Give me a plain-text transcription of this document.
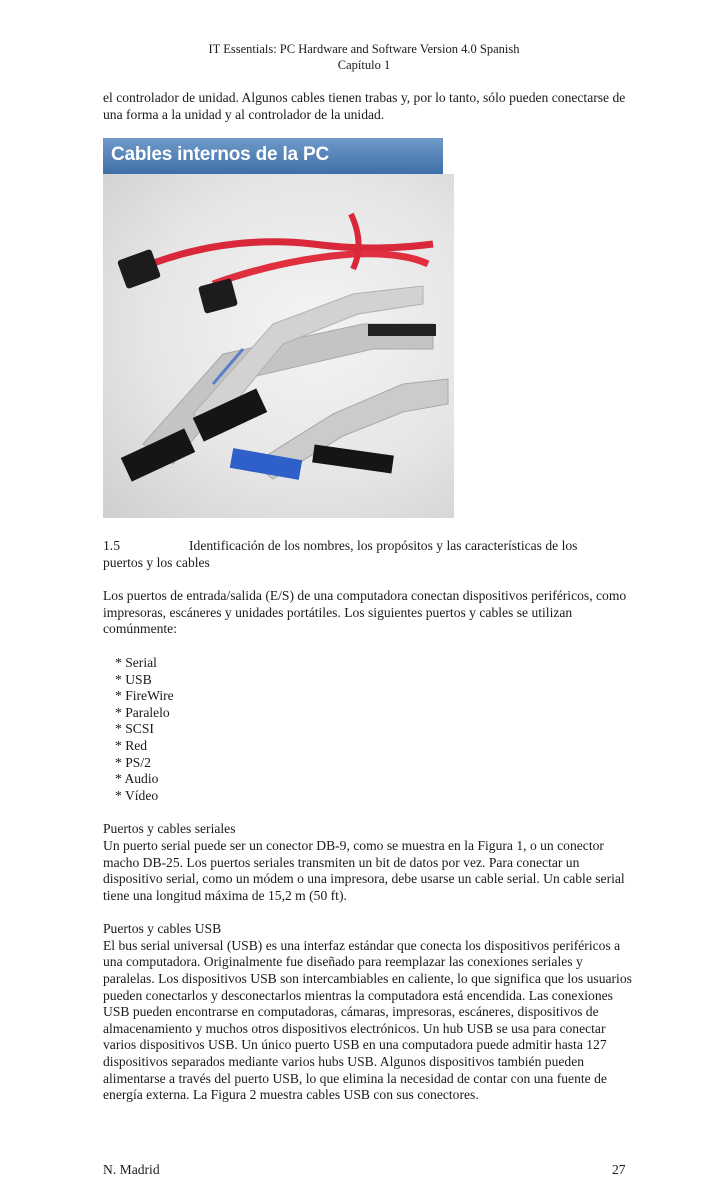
IT Essentials: PC Hardware and Software Version 4.0 Spanish
Capítulo 1

el controlador de unidad. Algunos cables tienen trabas y, por lo tanto, sólo pueden conectarse de una forma a la unidad y al controlador de la unidad.

Cables internos de la PC
1.5	Identificación de los nombres, los propósitos y las características de los

puertos y los cables

Los puertos de entrada/salida (E/S) de una computadora conectan dispositivos periféricos, como impresoras, escáneres y unidades portátiles. Los siguientes puertos y cables se utilizan comúnmente:

* Serial
* USB
* FireWire
* Paralelo
* SCSI
* Red
* PS/2
* Audio
* Vídeo

Puertos y cables seriales

Un puerto serial puede ser un conector DB-9, como se muestra en la Figura 1, o un conector macho DB-25. Los puertos seriales transmiten un bit de datos por vez. Para conectar un dispositivo serial, como un módem o una impresora, debe usarse un cable serial. Un cable serial tiene una longitud máxima de 15,2 m (50 ft).

Puertos y cables USB

El bus serial universal (USB) es una interfaz estándar que conecta los dispositivos periféricos a una computadora. Originalmente fue diseñado para reemplazar las conexiones seriales y paralelas. Los dispositivos USB son intercambiables en caliente, lo que significa que los usuarios pueden conectarlos y desconectarlos mientras la computadora está encendida. Las conexiones USB pueden encontrarse en computadoras, cámaras, impresoras, escáneres, dispositivos de almacenamiento y muchos otros dispositivos electrónicos. Un hub USB se usa para conectar varios dispositivos USB. Un único puerto USB en una computadora puede admitir hasta 127 dispositivos separados mediante varios hubs USB. Algunos dispositivos también pueden alimentarse a través del puerto USB, lo que elimina la necesidad de contar con una fuente de energía externa. La Figura 2 muestra cables USB con sus conectores.

N. Madrid	27
